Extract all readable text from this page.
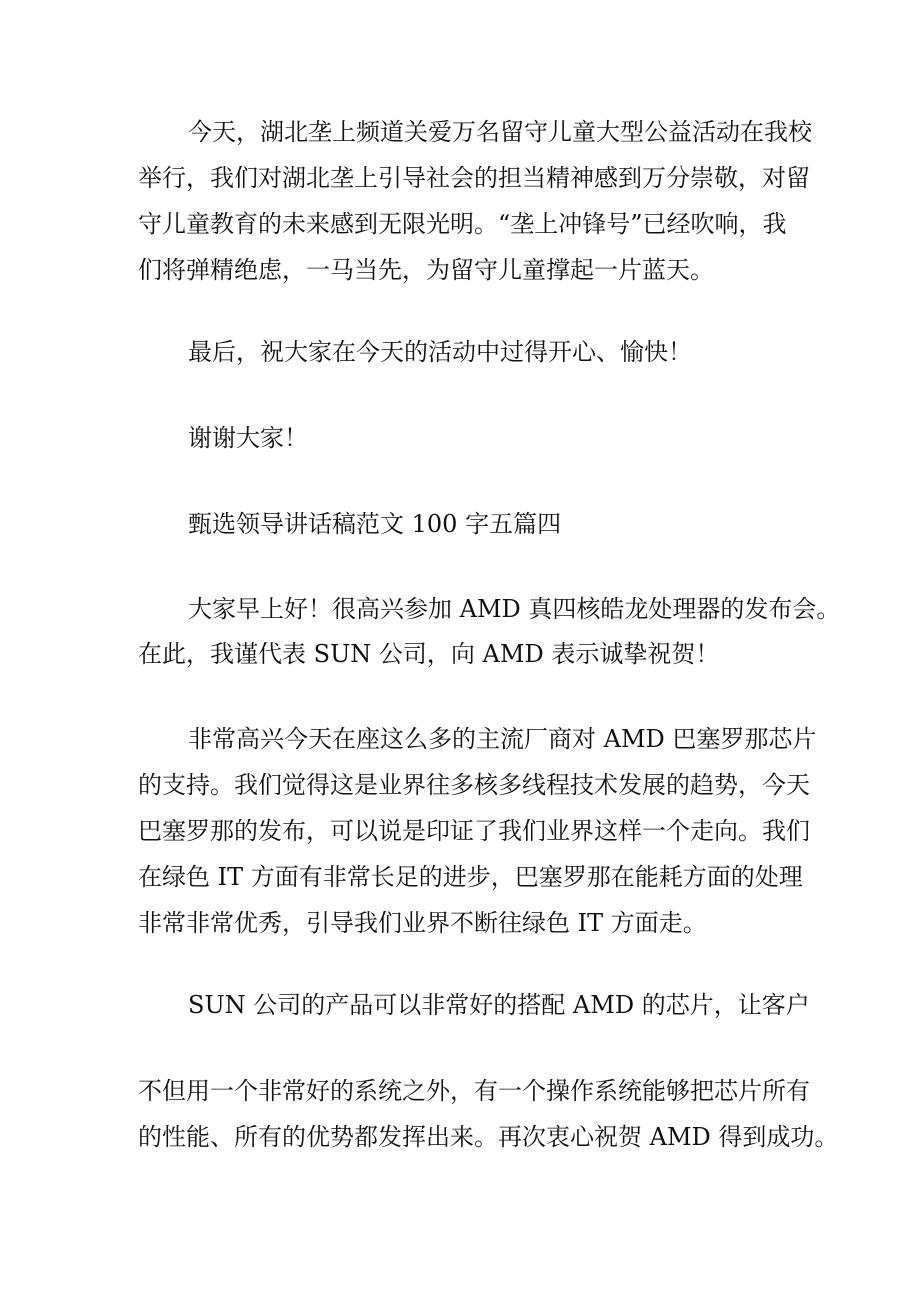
今天，湖北垄上频道关爱万名留守儿童大型公益活动在我校
举行，我们对湖北垄上引导社会的担当精神感到万分崇敬，对留
守儿童教育的未来感到无限光明。“垄上冲锋号”已经吹响，我
们将弹精绝虑，一马当先，为留守儿童撑起一片蓝天。
最后，祝大家在今天的活动中过得开心、愉快！
谢谢大家！
甄选领导讲话稿范文 100 字五篇四
大家早上好！很高兴参加 AMD 真四核皓龙处理器的发布会。
在此，我谨代表 SUN 公司，向 AMD 表示诚挚祝贺！
非常高兴今天在座这么多的主流厂商对 AMD 巴塞罗那芯片
的支持。我们觉得这是业界往多核多线程技术发展的趋势，今天
巴塞罗那的发布，可以说是印证了我们业界这样一个走向。我们
在绿色 IT 方面有非常长足的进步，巴塞罗那在能耗方面的处理
非常非常优秀，引导我们业界不断往绿色 IT 方面走。
SUN 公司的产品可以非常好的搭配 AMD 的芯片，让客户
不但用一个非常好的系统之外，有一个操作系统能够把芯片所有
的性能、所有的优势都发挥出来。再次衷心祝贺 AMD 得到成功。
